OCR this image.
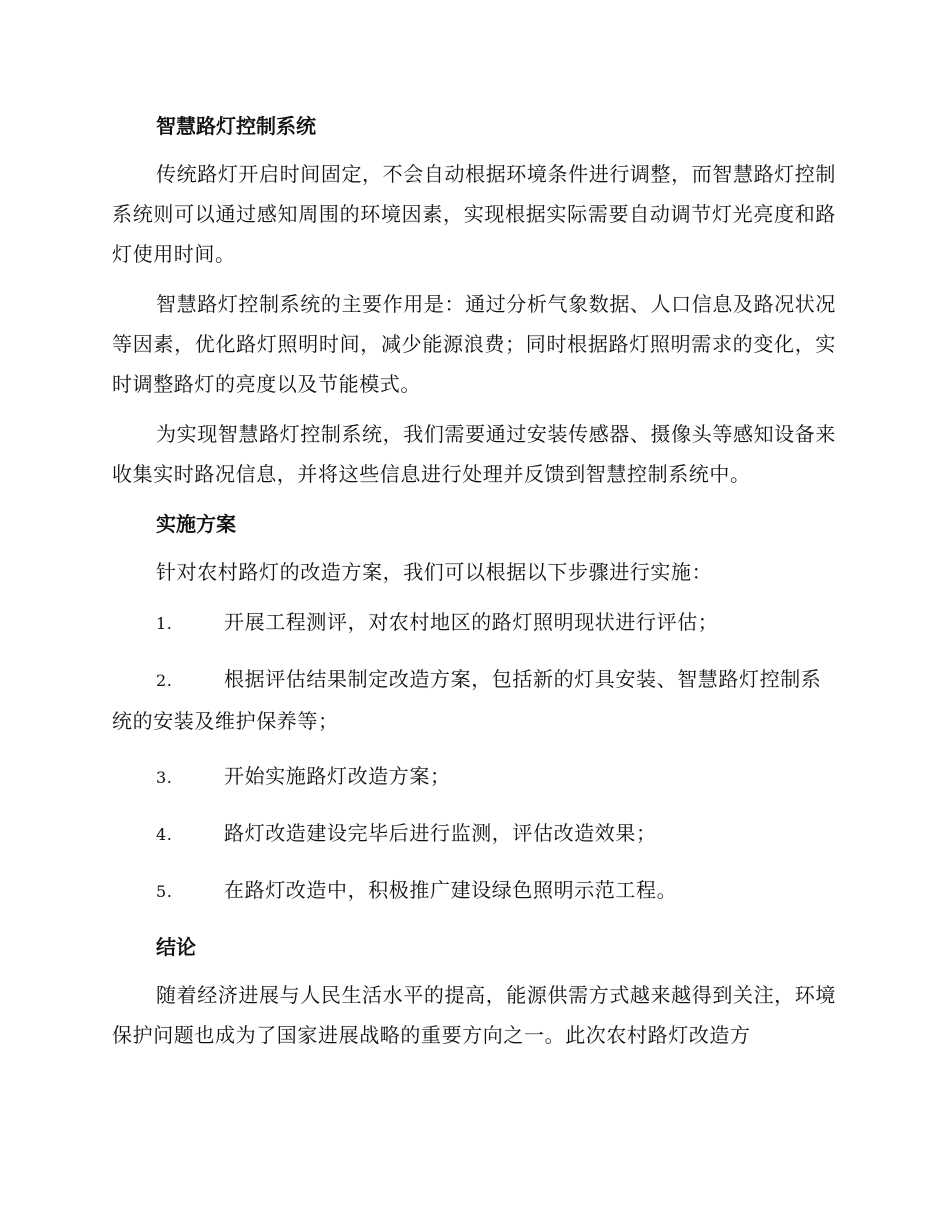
智慧路灯控制系统

传统路灯开启时间固定，不会自动根据环境条件进行调整，而智慧路灯控制系统则可以通过感知周围的环境因素，实现根据实际需要自动调节灯光亮度和路灯使用时间。

智慧路灯控制系统的主要作用是：通过分析气象数据、人口信息及路况状况等因素，优化路灯照明时间，减少能源浪费；同时根据路灯照明需求的变化，实时调整路灯的亮度以及节能模式。

为实现智慧路灯控制系统，我们需要通过安装传感器、摄像头等感知设备来收集实时路况信息，并将这些信息进行处理并反馈到智慧控制系统中。

实施方案

针对农村路灯的改造方案，我们可以根据以下步骤进行实施：

1.	开展工程测评，对农村地区的路灯照明现状进行评估；
2.	根据评估结果制定改造方案，包括新的灯具安装、智慧路灯控制系统的安装及维护保养等；
3.	开始实施路灯改造方案；
4.	路灯改造建设完毕后进行监测，评估改造效果；
5.	在路灯改造中，积极推广建设绿色照明示范工程。
结论

随着经济进展与人民生活水平的提高，能源供需方式越来越得到关注，环境保护问题也成为了国家进展战略的重要方向之一。此次农村路灯改造方
